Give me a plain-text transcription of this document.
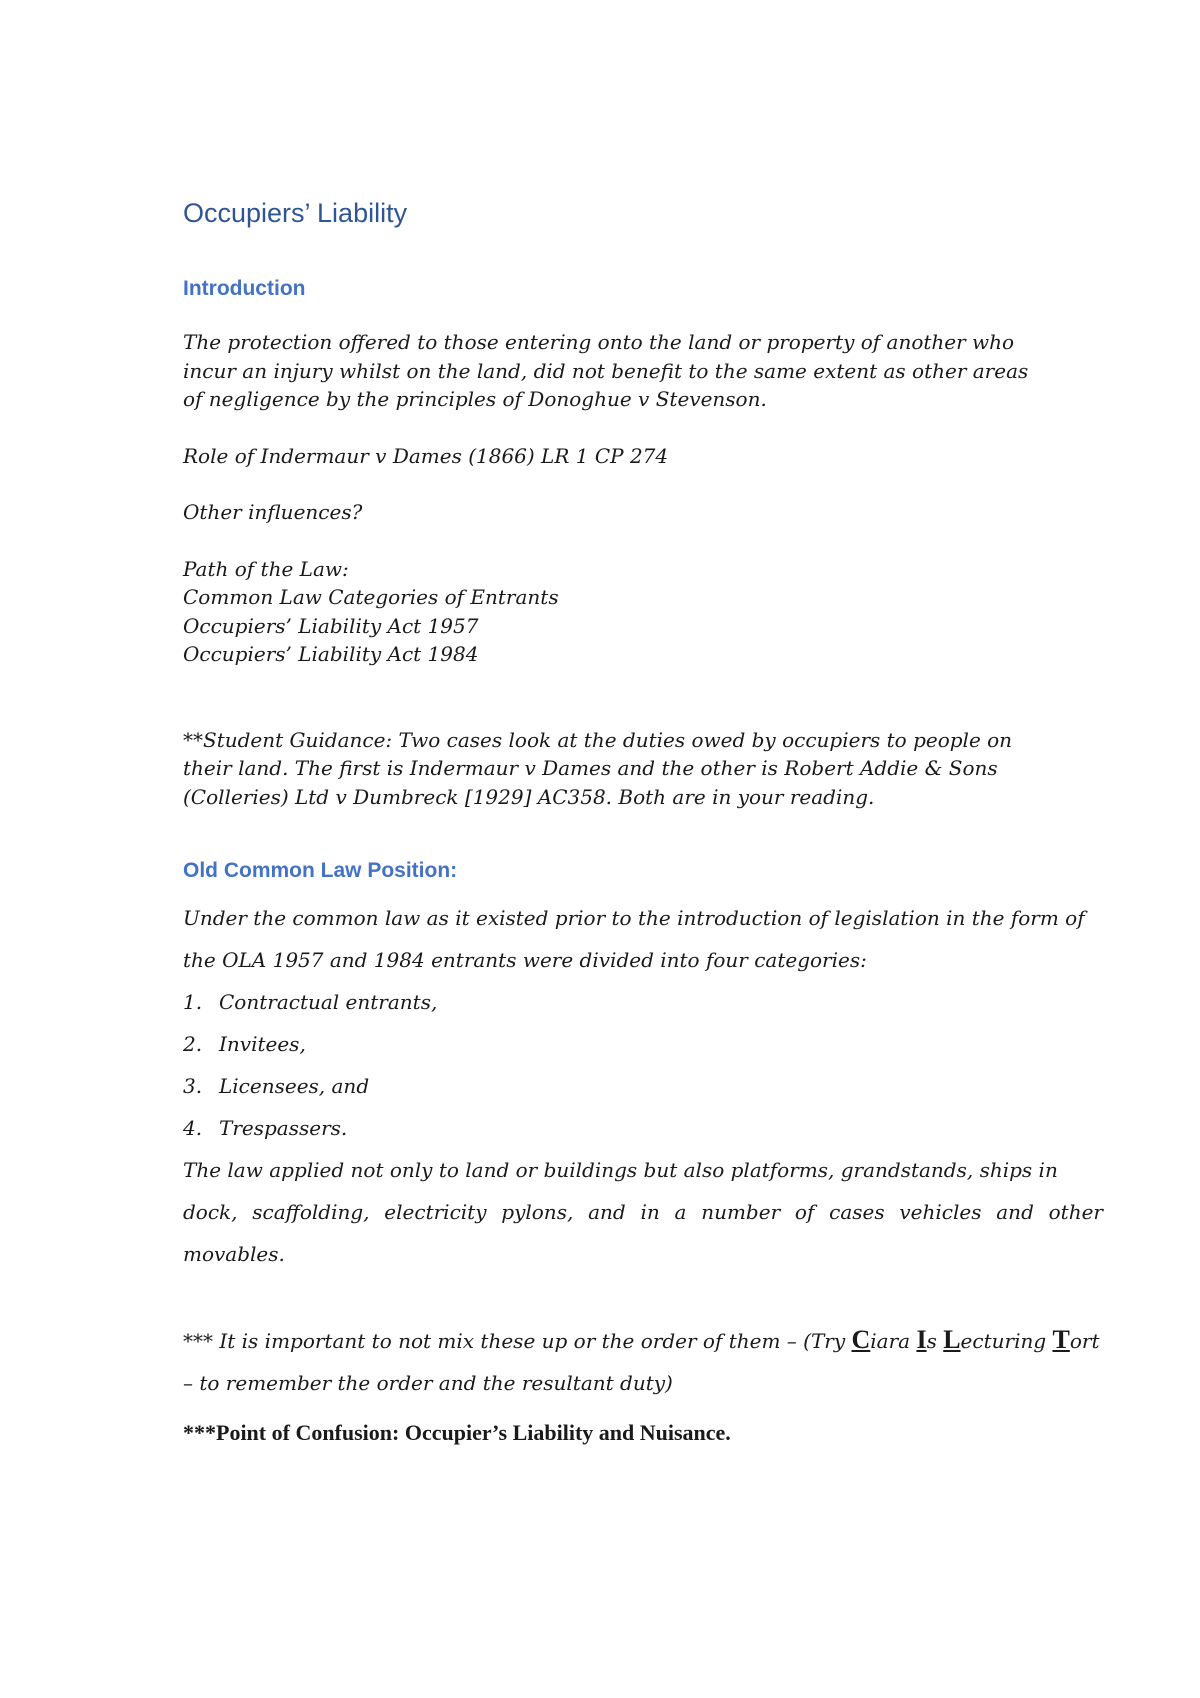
Occupiers’ Liability
Introduction

The protection offered to those entering onto the land or property of another who
incur an injury whilst on the land, did not benefit to the same extent as other areas
of negligence by the principles of Donoghue v Stevenson.

Role of Indermaur v Dames (1866) LR 1 CP 274

Other influences?

Path of the Law:
Common Law Categories of Entrants
Occupiers’ Liability Act 1957
Occupiers’ Liability Act 1984

**Student Guidance: Two cases look at the duties owed by occupiers to people on
their land. The first is Indermaur v Dames and the other is Robert Addie & Sons
(Colleries) Ltd v Dumbreck [1929] AC358. Both are in your reading.

Old Common Law Position:

Under the common law as it existed prior to the introduction of legislation in the form of
the OLA 1957 and 1984 entrants were divided into four categories:

1. Contractual entrants,
2. Invitees,
3. Licensees, and
4. Trespassers.

The law applied not only to land or buildings but also platforms, grandstands, ships in
dock, scaffolding, electricity pylons, and in a number of cases vehicles and other movables.

*** It is important to not mix these up or the order of them – (Try Ciara Is Lecturing Tort
– to remember the order and the resultant duty)

***Point of Confusion: Occupier’s Liability and Nuisance.
